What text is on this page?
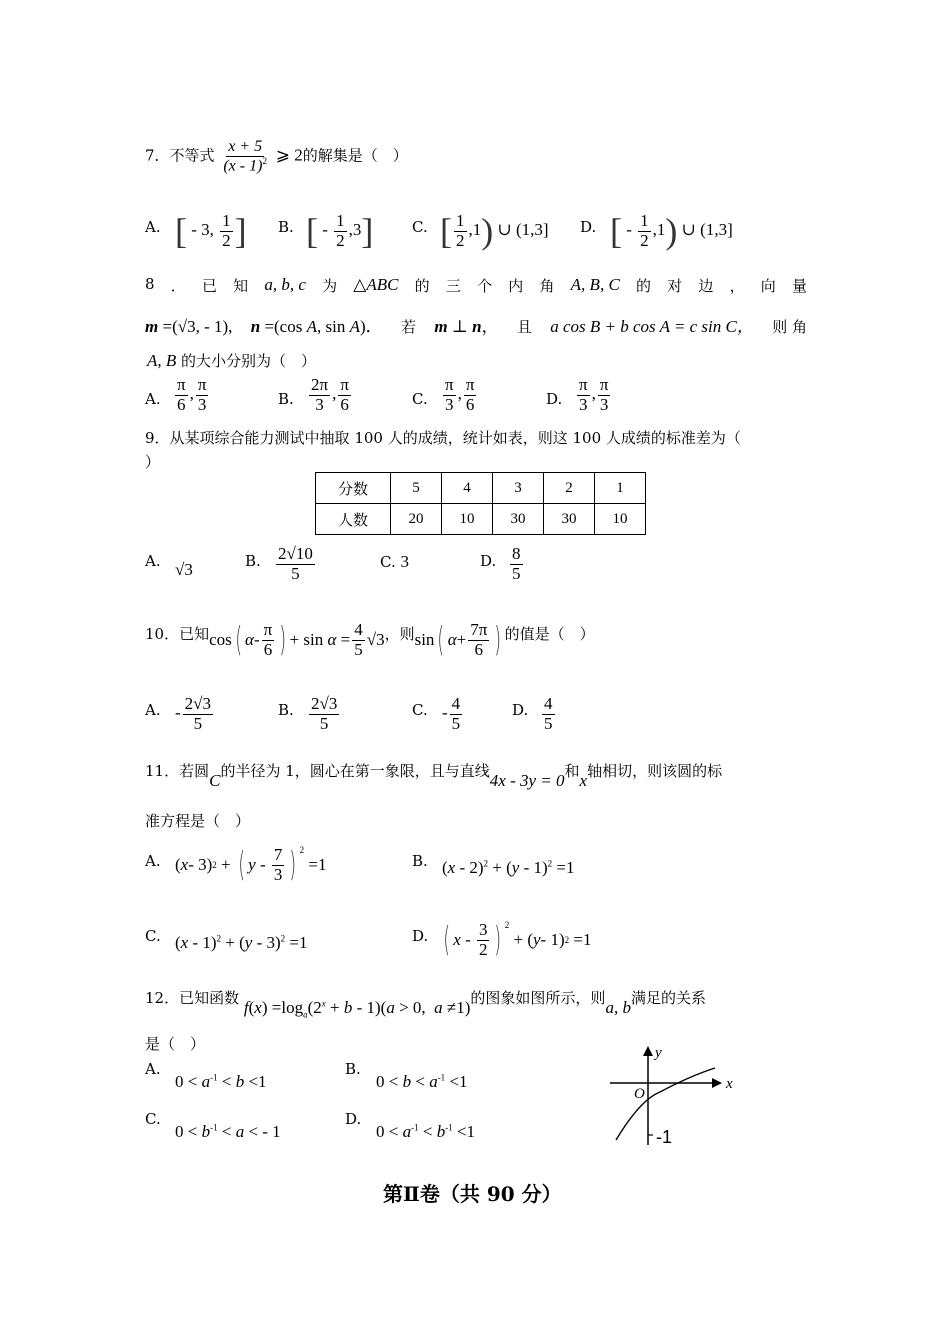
7．不等式 $\frac{x + 5}{(x - 1)^2}$ ⩾ 2的解集是（　）
A. [ - 3, $\frac{1}{2}$ ] B. [ - $\frac{1}{2} ,3$]	C. [ $\frac{1}{2} ,1$) ∪ (1,3] D. [ - $\frac{1}{2} ,1$) ∪ (1,3]
8 ． 已 知 a, b, c 为 △ABC 的 三 个 内 角 A, B, C 的 对 边 ， 向 量
m =(√3, - 1), n =(cos A, sin A)． 若 m ⊥ n， 且 a cos B + b cos A = c sin C， 则 角
A, B 的大小分别为（　）
A. $\frac{\pi}{6}$ , $\frac{\pi}{3}$	B. $\frac{2\pi}{3}$ , $\frac{\pi}{6}$	C. $\frac{\pi}{3}$ , $\frac{\pi}{6}$	D. $\frac{\pi}{3}$ , $\frac{\pi}{3}$
9．从某项综合能力测试中抽取 100 人的成绩，统计如表，则这 100 人成绩的标准差为（
）
分数	5	4	3	2	1
人数	20	10	30	30	10
A. √3	B. $\frac{2√10}{5}$	C. 3	D. $\frac{8}{5}$
10．已知 cos ( α - $\frac{\pi}{6}$ ) + $\sin \alpha = \frac{4}{5} √3$ ，则 sin ( $\alpha + \frac{7\pi}{6}$ ) 的值是（　）
A. - $\frac{2√3}{5}$	B. $\frac{2√3}{5}$	C. - $\frac{4}{5}$	D. $\frac{4}{5}$
11．若圆C的半径为 1，圆心在第一象限，且与直线4x - 3y = 0和x轴相切，则该圆的标
准方程是（　）
A. ( x - 3) 2 + ( y - $\frac{7}{3}$ ) $^2$
=1	B. (x - 2)$^2$ + (y - 1)$^2$ =1
C. (x - 1)$^2$ + (y - 3)$^2$ =1	D. ( x - $\frac{3}{2}$ ) $^2$
+ ( y - 1) 2 =1
12．已知函数 $f(x) =\log_a(2^x + b - 1)(a > 0$,  a ≠1)的图象如图所示，则a, b满足的关系
是（　）
A.
$0 < a^{-1} < b <1$
B.
$0 < b < a^{-1} <1$
C.
$0 < b^{-1} < a$ < - 1
D.
$0 < a^{-1} < b^{-1} <1$
x
y
O
-1
第Ⅱ卷（共 90 分）
